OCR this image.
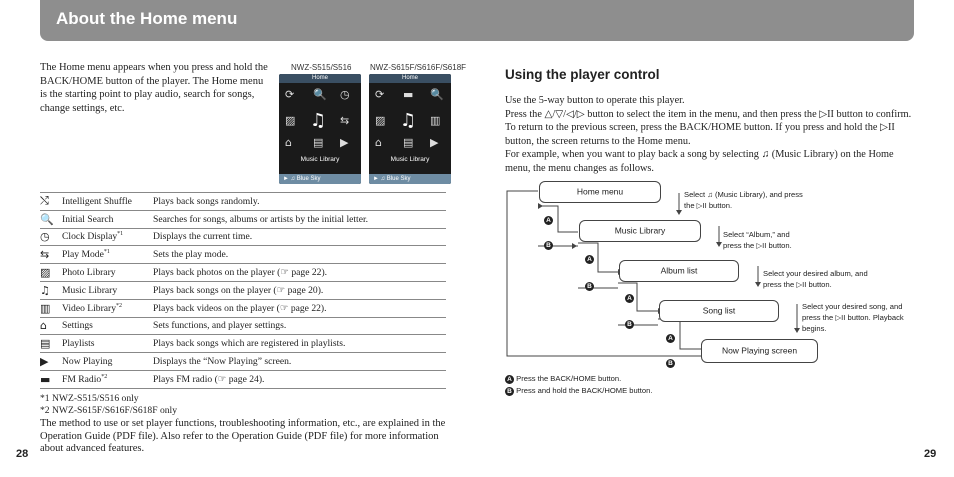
About the Home menu
The Home menu appears when you press and hold the BACK/HOME button of the player. The Home menu is the starting point to play audio, search for songs, change settings, etc.
NWZ-S515/S516
Home
⟳ 🔍 ◷
▨ ♫ ⇆
⌂ ▤ ▶
Music Library
► ♫ Blue Sky
NWZ-S615F/S616F/S618F
Home
⟳ ▬ 🔍
▨ ♫ ▥
⌂ ▤ ▶
Music Library
► ♫ Blue Sky
⤭	Intelligent Shuffle	Plays back songs randomly.
🔍	Initial Search	Searches for songs, albums or artists by the initial letter.
◷	Clock Display$^{*1}$	Displays the current time.
⇆	Play Mode$^{*1}$	Sets the play mode.
▨	Photo Library	Plays back photos on the player (☞ page 22).
♫	Music Library	Plays back songs on the player (☞ page 20).
▥	Video Library$^{*2}$	Plays back videos on the player (☞ page 22).
⌂	Settings	Sets functions, and player settings.
▤	Playlists	Plays back songs which are registered in playlists.
▶	Now Playing	Displays the “Now Playing” screen.
▬	FM Radio$^{*2}$	Plays FM radio (☞ page 24).
*1 NWZ-S515/S516 only
*2 NWZ-S615F/S616F/S618F only
The method to use or set player functions, troubleshooting information, etc., are explained in the Operation Guide (PDF file). Also refer to the Operation Guide (PDF file) for more information about advanced features.
28	29
Using the player control

Use the 5-way button to operate this player.

Press the △/▽/◁/▷ button to select the item in the menu, and then press the ▷II button to confirm. To return to the previous screen, press the BACK/HOME button. If you press and hold the ▷II button, the screen returns to the Home menu.

For example, when you want to play back a song by selecting ♫ (Music Library) on the Home menu, the menu changes as follows.

Home menu
Music Library
Album list
Song list
Now Playing screen
Select ♫ (Music Library), and press the ▷II button.
Select “Album,” and press the ▷II button.
Select your desired album, and press the ▷II button.
Select your desired song, and press the ▷II button. Playback begins.
A
B
A
B
A
B
A
B
A Press the BACK/HOME button.
B Press and hold the BACK/HOME button.
